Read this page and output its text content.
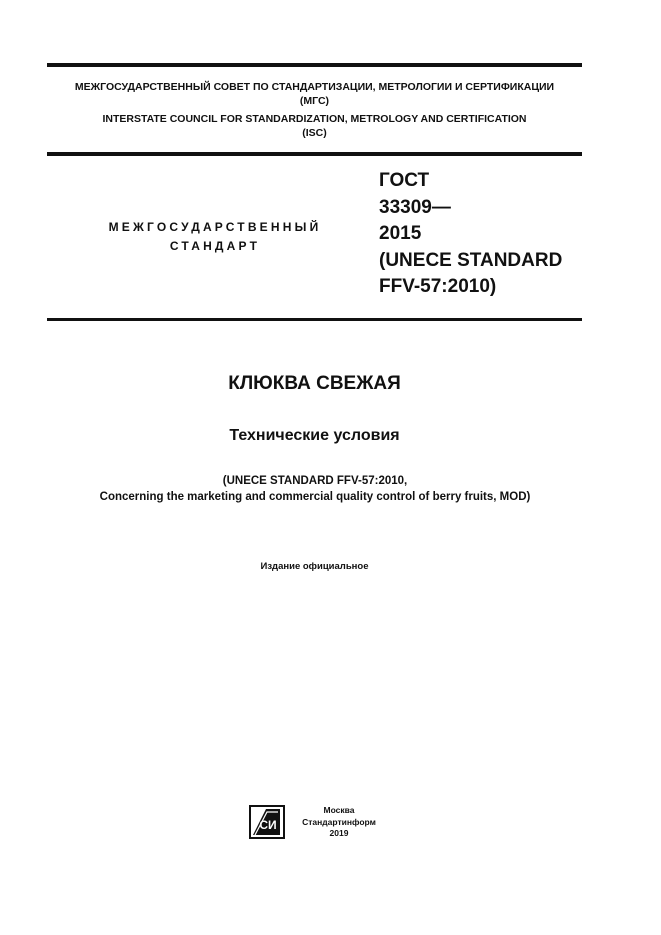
МЕЖГОСУДАРСТВЕННЫЙ СОВЕТ ПО СТАНДАРТИЗАЦИИ, МЕТРОЛОГИИ И СЕРТИФИКАЦИИ
(МГС)
INTERSTATE COUNCIL FOR STANDARDIZATION, METROLOGY AND CERTIFICATION
(ISC)
МЕЖГОСУДАРСТВЕННЫЙ
СТАНДАРТ
ГОСТ
33309—
2015
(UNECE STANDARD
FFV-57:2010)
КЛЮКВА СВЕЖАЯ
Технические условия
(UNECE STANDARD FFV-57:2010,
Concerning the marketing and commercial quality control of berry fruits, MOD)
Издание официальное
СИ
Москва
Стандартинформ
2019
